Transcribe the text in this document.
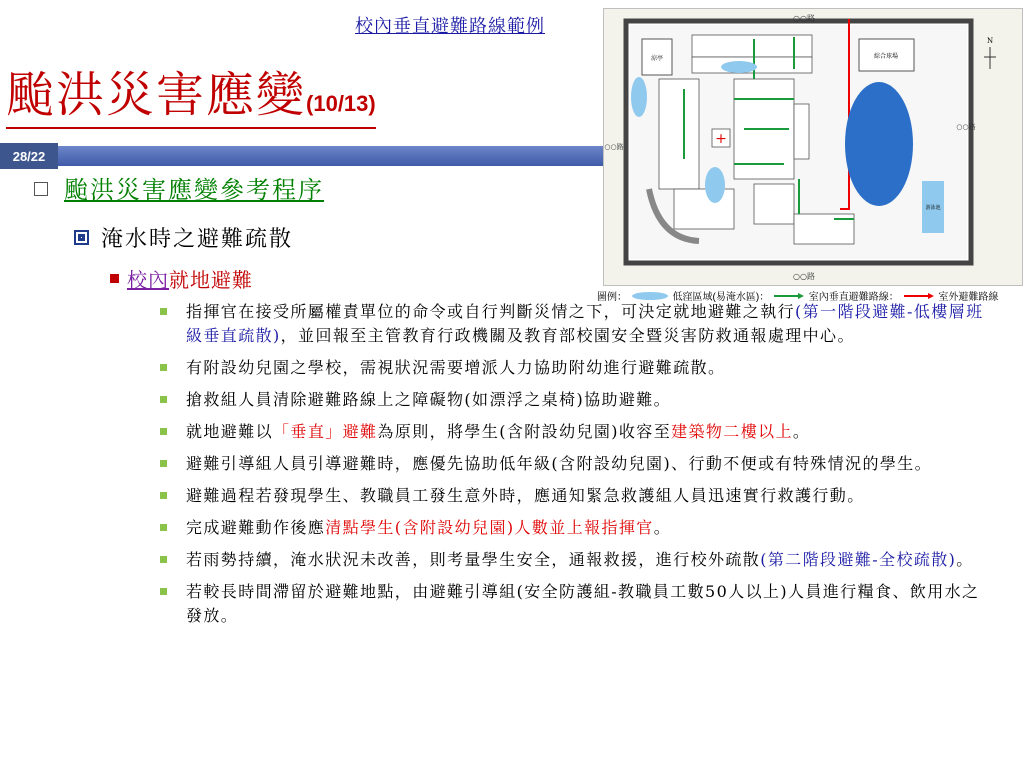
校內垂直避難路線範例
颱洪災害應變(10/13)
28/22
颱洪災害應變參考程序
淹水時之避難疏散
校內就地避難
指揮官在接受所屬權責單位的命令或自行判斷災情之下，可決定就地避難之執行(第一階段避難-低樓層班級垂直疏散)，並回報至主管教育行政機關及教育部校園安全暨災害防救通報處理中心。
有附設幼兒園之學校，需視狀況需要增派人力協助附幼進行避難疏散。
搶救組人員清除避難路線上之障礙物(如漂浮之桌椅)協助避難。
就地避難以「垂直」避難為原則，將學生(含附設幼兒園)收容至建築物二樓以上。
避難引導組人員引導避難時，應優先協助低年級(含附設幼兒園)、行動不便或有特殊情況的學生。
避難過程若發現學生、教職員工發生意外時，應通知緊急救護組人員迅速實行救護行動。
完成避難動作後應清點學生(含附設幼兒園)人數並上報指揮官。
若雨勢持續，淹水狀況未改善，則考量學生安全，通報救援，進行校外疏散(第二階段避難-全校疏散)。
若較長時間滯留於避難地點，由避難引導組(安全防護組-教職員工數50人以上)人員進行糧食、飲用水之發放。
○○路
○○路
○○路
○○路
涼亭
+
綜合球場
游泳池
N
圖例：	低窪區域(易淹水區)：	室內垂直避難路線：	室外避難路線
